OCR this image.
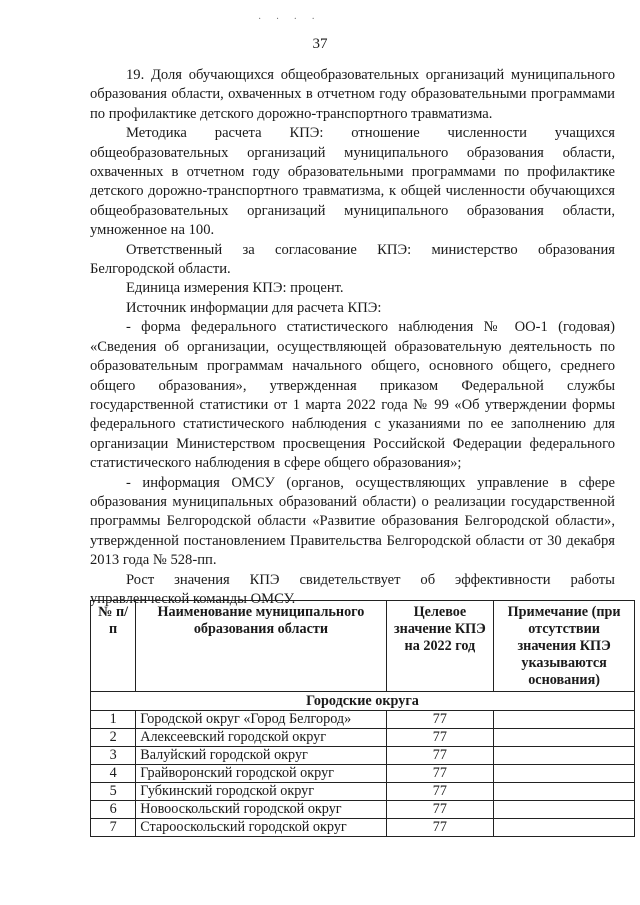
· · · ·
37

19. Доля обучающихся общеобразовательных организаций муниципального образования области, охваченных в отчетном году образовательными программами по профилактике детского дорожно-транспортного травматизма.

Методика расчета КПЭ: отношение численности учащихся общеобразовательных организаций муниципального образования области, охваченных в отчетном году образовательными программами по профилактике детского дорожно-транспортного травматизма, к общей численности обучающихся общеобразовательных организаций муниципального образования области, умноженное на 100.

Ответственный за согласование КПЭ: министерство образования Белгородской области.

Единица измерения КПЭ: процент.

Источник информации для расчета КПЭ:

- форма федерального статистического наблюдения № ОО-1 (годовая) «Сведения об организации, осуществляющей образовательную деятельность по образовательным программам начального общего, основного общего, среднего общего образования», утвержденная приказом Федеральной службы государственной статистики от 1 марта 2022 года № 99 «Об утверждении формы федерального статистического наблюдения с указаниями по ее заполнению для организации Министерством просвещения Российской Федерации федерального статистического наблюдения в сфере общего образования»;

- информация ОМСУ (органов, осуществляющих управление в сфере образования муниципальных образований области) о реализации государственной программы Белгородской области «Развитие образования Белгородской области», утвержденной постановлением Правительства Белгородской области от 30 декабря 2013 года № 528-пп.

Рост значения КПЭ свидетельствует об эффективности работы управленческой команды ОМСУ.

№ п/п	Наименование муниципального образования области	Целевое значение КПЭ на 2022 год	Примечание (при отсутствии значения КПЭ указываются основания)
Городские округа			
1	Городской округ «Город Белгород»	77	
2	Алексеевский городской округ	77	
3	Валуйский городской округ	77	
4	Грайворонский городской округ	77	
5	Губкинский городской округ	77	
6	Новооскольский городской округ	77	
7	Старооскольский городской округ	77	
